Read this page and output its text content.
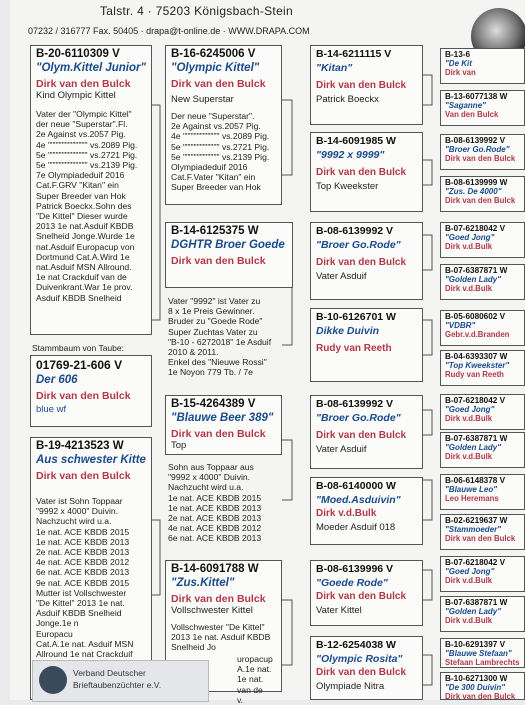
Talstr. 4 · 75203 Königsbach-Stein
07232 / 316777 Fax. 50405 · drapa@t-online.de · WWW.DRAPA.COM
B-20-6110309 V
"Olym.Kittel Junior"
Dirk van den Bulck
Kind Olympic Kittel
Vater der "Olympic Kittel"
der neue "Superstar".Fl.
2e Against vs.2057 Pig.
4e """"""""""""" vs.2089 Pig.
5e """"""""""""" vs.2721 Pig.
5e """"""""""""" vs.2139 Pig.
7e Olympiadeduif 2016
Cat.F.GRV "Kitan" ein
Super Breeder van Hok
Patrick Boeckx.Sohn des
"De Kittel" Dieser wurde
2013 1e nat.Asduif KBDB
Snelheid Jonge.Wurde 1e
nat.Asduif Europacup von
Dortmund Cat.A.Wird 1e
nat.Asduif MSN Allround.
1e nat Crackduif van de
Duivenkrant.War 1e prov.
Asduif KBDB Snelheid
Stammbaum von Taube:
01769-21-606 V
Der 606
Dirk van den Bulck
blue wf
B-19-4213523 W
Aus schwester Kitte
Dirk van den Bulck
Vater ist Sohn Toppaar
"9992 x 4000" Duivin.
Nachzucht wird u.a.
1e nat. ACE KBDB 2015
1e nat. ACE KBDB 2013
2e nat. ACE KBDB 2013
4e nat. ACE KBDB 2012
6e nat. ACE KBDB 2013
9e nat. ACE KBDB 2015
Mutter ist Vollschwester
"De Kittel" 2013 1e nat.
Asduif KBDB Snelheid
Jonge.1e n
Europacu
Cat.A.1e nat. Asduif MSN
Allround 1e nat Crackduif
B-16-6245006 V
"Olympic Kittel"
Dirk van den Bulck
New Superstar
Der neue "Superstar".
2e Against vs.2057 Pig.
4e """""""""""" vs.2089 Pig.
5e """""""""""" vs.2721 Pig.
5e """""""""""" vs.2139 Pig.
Olympiadeduif 2016
Cat.F.Vater "Kitan" ein
Super Breeder van Hok
B-14-6125375 W
DGHTR Broer Goede
Dirk van den Bulck
Vater "9992" ist Vater zu
8 x 1e Preis Gewinner.
Bruder zu "Goede Rode"
Super Zuchtas Vater zu
"B-10 - 6272018" 1e Asduif
2010 & 2011.
Enkel des "Nieuwe Rossi"
1e Noyon 779 Tb. / 7e
B-15-4264389 V
"Blauwe Beer 389"
Dirk van den Bulck
Top
Sohn aus Toppaar aus
"9992 x 4000" Duivin.
Nachzucht wird u.a.
1e nat. ACE KBDB 2015
1e nat. ACE KBDB 2013
2e nat. ACE KBDB 2013
4e nat. ACE KBDB 2012
6e nat. ACE KBDB 2013
B-14-6091788 W
"Zus.Kittel"
Dirk van den Bulck
Vollschwester Kittel
Vollschwester "De Kittel"
2013 1e nat. Asduif KBDB
Snelheid Jo
uropacup
A.1e nat.
1e nat.
van de
v.
B-14-6211115 V
"Kitan"
Dirk van den Bulck
Patrick Boeckx
B-14-6091985 W
"9992 x 9999"
Dirk van den Bulck
Top Kweekster
B-08-6139992 V
"Broer Go.Rode"
Dirk van den Bulck
Vater Asduif
B-10-6126701 W
Dikke Duivin
Rudy van Reeth
B-08-6139992 V
"Broer Go.Rode"
Dirk van den Bulck
Vater Asduif
B-08-6140000 W
"Moed.Asduivin"
Dirk v.d.Bulk
Moeder Asduif 018
B-08-6139996 V
"Goede Rode"
Dirk van den Bulck
Vater Kittel
B-12-6254038 W
"Olympic Rosita"
Dirk van den Bulck
Olympiade Nitra
B-13-6
"De Kit
Dirk van
B-13-6077138 W
"Saganne"
Van den Bulck
B-08-6139992 V
"Broer Go.Rode"
Dirk van den Bulck
B-08-6139999 W
"Zus. De 4000"
Dirk van den Bulck
B-07-6218042 V
"Goed Jong"
Dirk v.d.Bulk
B-07-6387871 W
"Golden Lady"
Dirk v.d.Bulk
B-05-6080602 V
"VDBR"
Gebr.v.d.Branden
B-04-6393307 W
"Top Kweekster"
Rudy van Reeth
B-07-6218042 V
"Goed Jong"
Dirk v.d.Bulk
B-07-6387871 W
"Golden Lady"
Dirk v.d.Bulk
B-06-6148378 V
"Blauwe Leo"
Leo Heremans
B-02-6219637 W
"Stammoeder"
Dirk van den Bulck
B-07-6218042 V
"Goed Jong"
Dirk v.d.Bulk
B-07-6387871 W
"Golden Lady"
Dirk v.d.Bulk
B-10-6291397 V
"Blauwe Stefaan"
Stefaan Lambrechts
B-10-6271300 W
"De 300 Duivin"
Dirk van den Bulck
Verband Deutscher
Brieftaubenzüchter e.V.
